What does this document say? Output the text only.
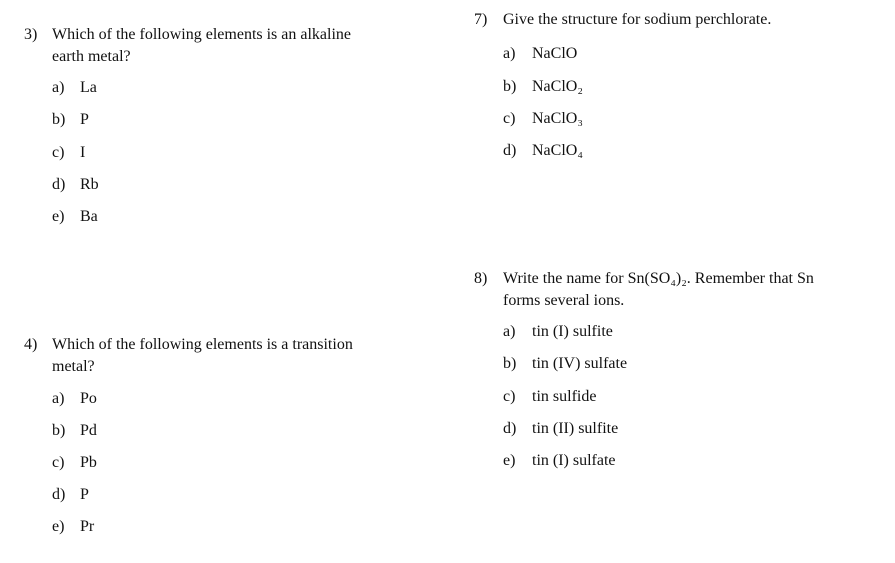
3) Which of the following elements is an alkaline
earth metal?
a) La
b) P
c) I
d) Rb
e) Ba
4) Which of the following elements is a transition
metal?
a) Po
b) Pd
c) Pb
d) P
e) Pr
7) Give the structure for sodium perchlorate.
a) NaClO
b) NaClO₂
c) NaClO₃
d) NaClO₄
8) Write the name for Sn(SO₄)₂. Remember that Sn
forms several ions.
a) tin (I) sulfite
b) tin (IV) sulfate
c) tin sulfide
d) tin (II) sulfite
e) tin (I) sulfate
